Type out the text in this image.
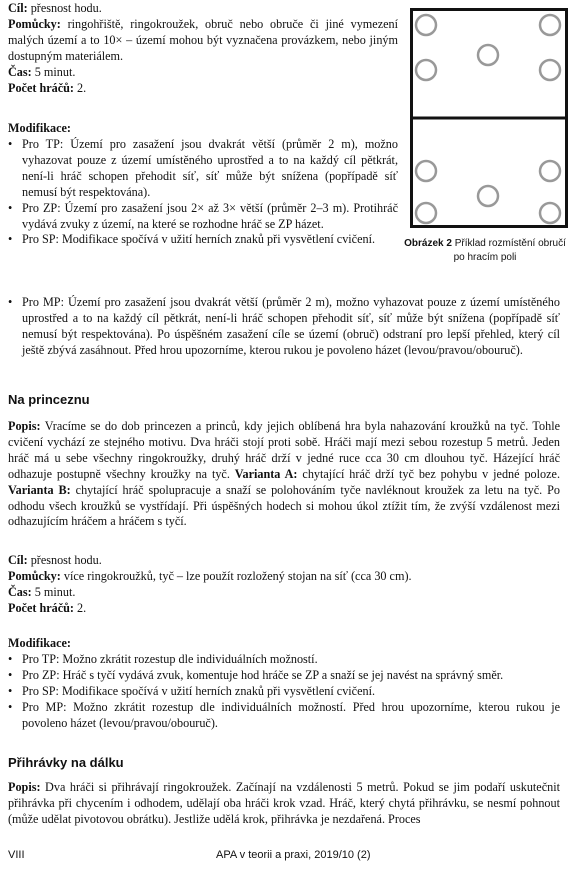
Cíl: přesnost hodu.

Pomůcky: ringohřiště, ringokroužek, obruč nebo obruče či jiné vymezení malých území a to 10× – území mohou být vyznačena provázkem, nebo jiným dostupným materiálem.

Čas: 5 minut.

Počet hráčů: 2.

Modifikace:

• Pro TP: Území pro zasažení jsou dvakrát větší (průměr 2 m), možno vyhazovat pouze z území umístěného uprostřed a to na každý cíl pětkrát, není-li hráč schopen přehodit síť, síť může být snížena (popřípadě síť nemusí být respektována).
• Pro ZP: Území pro zasažení jsou 2× až 3× větší (průměr 2–3 m). Protihráč vydává zvuky z území, na které se rozhodne hráč se ZP házet.
• Pro SP: Modifikace spočívá v užití herních znaků při vysvětlení cvičení.
• Pro MP: Území pro zasažení jsou dvakrát větší (průměr 2 m), možno vyhazovat pouze z území umístěného uprostřed a to na každý cíl pětkrát, není-li hráč schopen přehodit síť, síť může být snížena (popřípadě síť nemusí být respektována). Po úspěšném zasažení cíle se území (obruč) odstraní pro lepší přehled, který cíl ještě zbývá zasáhnout. Před hrou upozorníme, kterou rukou je povoleno házet (levou/pravou/obouruč).
Obrázek 2 Příklad rozmístění obručí po hracím poli
Na princeznu

Popis: Vracíme se do dob princezen a princů, kdy jejich oblíbená hra byla nahazování kroužků na tyč. Tohle cvičení vychází ze stejného motivu. Dva hráči stojí proti sobě. Hráči mají mezi sebou rozestup 5 metrů. Jeden hráč má u sebe všechny ringokroužky, druhý hráč drží v jedné ruce cca 30 cm dlouhou tyč. Házející hráč odhazuje postupně všechny kroužky na tyč. Varianta A: chytající hráč drží tyč bez pohybu v jedné poloze. Varianta B: chytající hráč spolupracuje a snaží se polohováním tyče navléknout kroužek za letu na tyč. Po odhodu všech kroužků se vystřídají. Při úspěšných hodech si mohou úkol ztížit tím, že zvýší vzdálenost mezi odhazujícím hráčem a hráčem s tyčí.

Cíl: přesnost hodu.

Pomůcky: více ringokroužků, tyč – lze použít rozložený stojan na síť (cca 30 cm).

Čas: 5 minut.

Počet hráčů: 2.

Modifikace:

• Pro TP: Možno zkrátit rozestup dle individuálních možností.
• Pro ZP: Hráč s tyčí vydává zvuk, komentuje hod hráče se ZP a snaží se jej navést na správný směr.
• Pro SP: Modifikace spočívá v užití herních znaků při vysvětlení cvičení.
• Pro MP: Možno zkrátit rozestup dle individuálních možností. Před hrou upozorníme, kterou rukou je povoleno házet (levou/pravou/obouruč).
Přihrávky na dálku

Popis: Dva hráči si přihrávají ringokroužek. Začínají na vzdálenosti 5 metrů. Pokud se jim podaří uskutečnit přihrávka při chycením i odhodem, udělají oba hráči krok vzad. Hráč, který chytá přihrávku, se nesmí pohnout (může udělat pivotovou obrátku). Jestliže udělá krok, přihrávka je nezdařená. Proces

VIII	APA v teorii a praxi, 2019/10 (2)
